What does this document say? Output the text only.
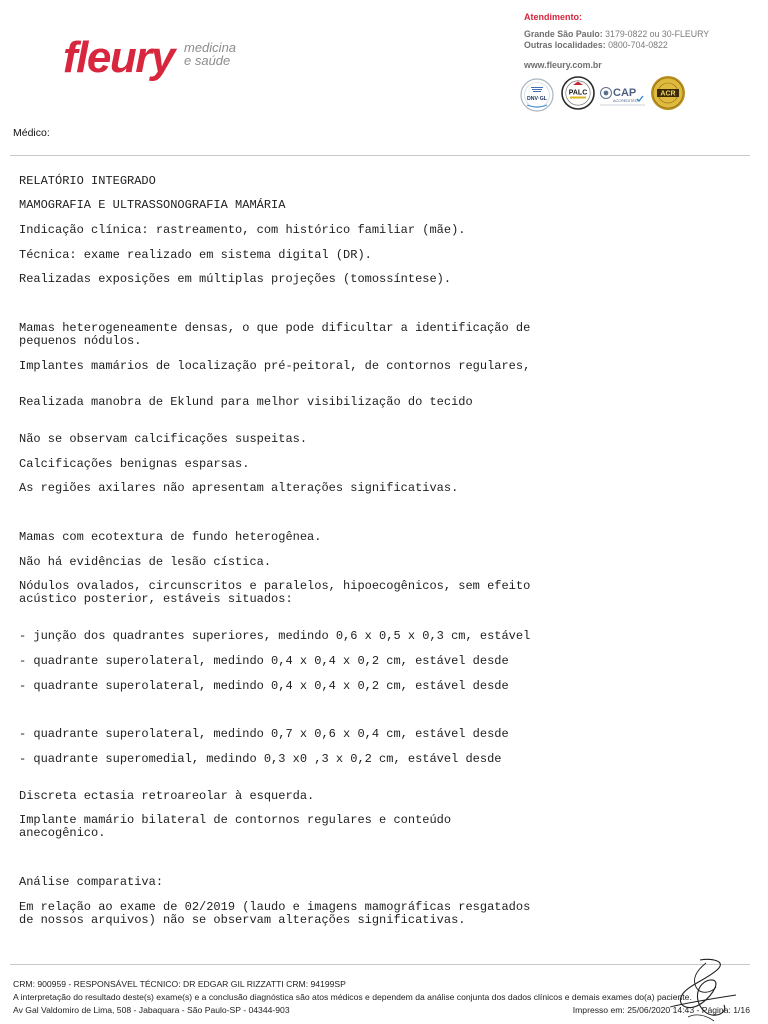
fleury medicina
e saúde
Atendimento:
Grande São Paulo: 3179-0822 ou 30-FLEURY
Outras localidades: 0800-704-0822
www.fleury.com.br
DNV·GL
PALC CAP
ACCREDITED
ACR
Médico:

RELATÓRIO INTEGRADO

MAMOGRAFIA E ULTRASSONOGRAFIA MAMÁRIA

Indicação clínica: rastreamento, com histórico familiar (mãe).

Técnica: exame realizado em sistema digital (DR).

Realizadas exposições em múltiplas projeções (tomossíntese).

Mamas heterogeneamente densas, o que pode dificultar a identificação de
pequenos nódulos.

Implantes mamários de localização pré-peitoral, de contornos regulares,

Realizada manobra de Eklund para melhor visibilização do tecido

Não se observam calcificações suspeitas.

Calcificações benignas esparsas.

As regiões axilares não apresentam alterações significativas.

Mamas com ecotextura de fundo heterogênea.

Não há evidências de lesão cística.

Nódulos ovalados, circunscritos e paralelos, hipoecogênicos, sem efeito
acústico posterior, estáveis situados:

- junção dos quadrantes superiores, medindo 0,6 x 0,5 x 0,3 cm, estável

- quadrante superolateral, medindo 0,4 x 0,4 x 0,2 cm, estável desde

- quadrante superolateral, medindo 0,4 x 0,4 x 0,2 cm, estável desde

- quadrante superolateral, medindo 0,7 x 0,6 x 0,4 cm, estável desde

- quadrante superomedial, medindo 0,3 x0 ,3 x 0,2 cm, estável desde

Discreta ectasia retroareolar à esquerda.

Implante mamário bilateral de contornos regulares e conteúdo
anecogênico.

Análise comparativa:

Em relação ao exame de 02/2019 (laudo e imagens mamográficas resgatados
de nossos arquivos) não se observam alterações significativas.

CRM: 900959 - RESPONSÁVEL TÉCNICO: DR EDGAR GIL RIZZATTI CRM: 94199SP
A interpretação do resultado deste(s) exame(s) e a conclusão diagnóstica são atos médicos e dependem da análise conjunta dos dados clínicos e demais exames do(a) paciente.
Av Gal Valdomiro de Lima, 508 - Jabaquara - São Paulo-SP - 04344-903	Impresso em: 25/06/2020 14:43 - Página: 1/16
